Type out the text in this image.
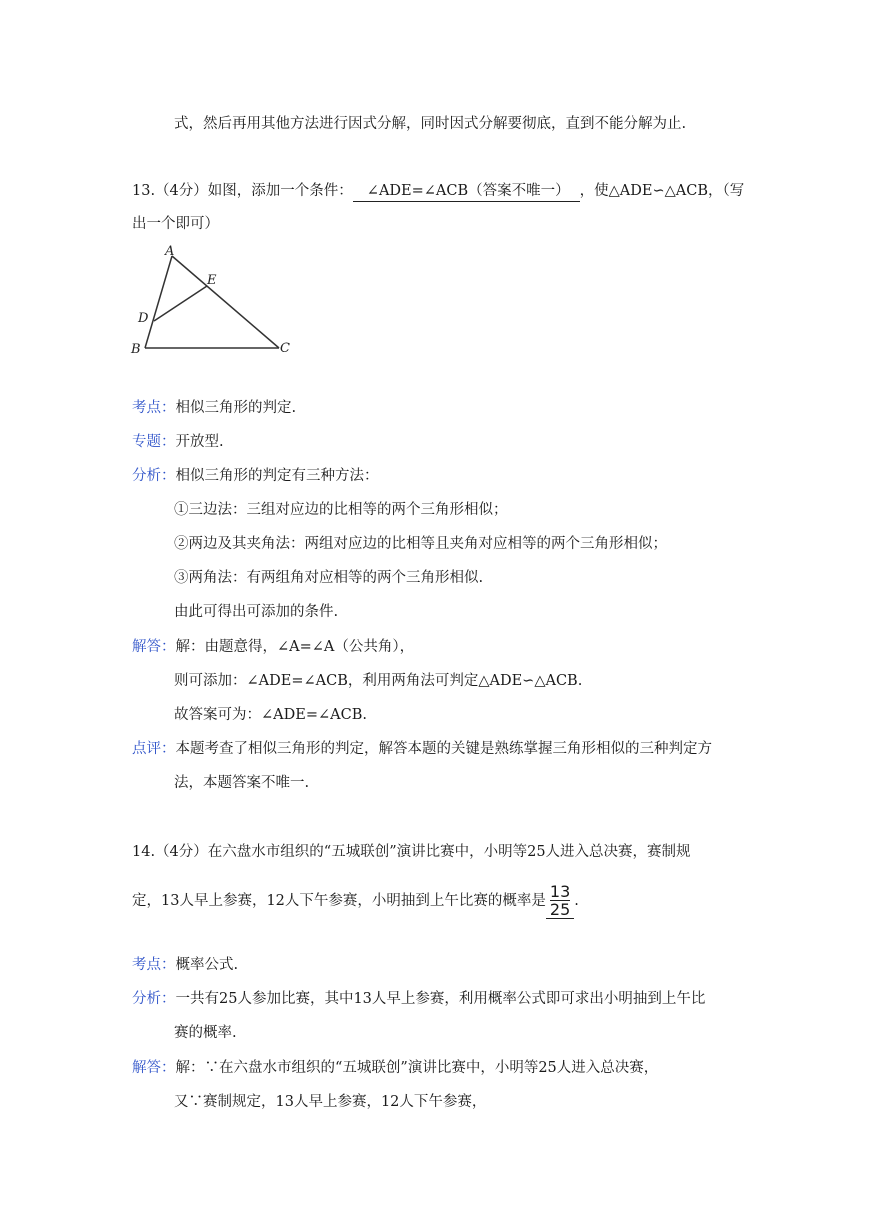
式，然后再用其他方法进行因式分解，同时因式分解要彻底，直到不能分解为止.
13.（4分）如图，添加一个条件： ∠ADE=∠ACB（答案不唯一） ，使△ADE∽△ACB，（写
出一个即可）
A
E
D
B	C
考点：相似三角形的判定.
专题：开放型.
分析：相似三角形的判定有三种方法：
①三边法：三组对应边的比相等的两个三角形相似；
②两边及其夹角法：两组对应边的比相等且夹角对应相等的两个三角形相似；
③两角法：有两组角对应相等的两个三角形相似.
由此可得出可添加的条件.
解答：解：由题意得，∠A=∠A（公共角），
则可添加：∠ADE=∠ACB，利用两角法可判定△ADE∽△ACB.
故答案可为：∠ADE=∠ACB.
点评：本题考查了相似三角形的判定，解答本题的关键是熟练掌握三角形相似的三种判定方
法，本题答案不唯一.
14.（4分）在六盘水市组织的“五城联创”演讲比赛中，小明等25人进入总决赛，赛制规
定，13人早上参赛，12人下午参赛，小明抽到上午比赛的概率是 $\frac{13}{25}$ .
考点：概率公式.
分析：一共有25人参加比赛，其中13人早上参赛，利用概率公式即可求出小明抽到上午比
赛的概率.
解答：解：∵在六盘水市组织的“五城联创”演讲比赛中，小明等25人进入总决赛，
又∵赛制规定，13人早上参赛，12人下午参赛，
